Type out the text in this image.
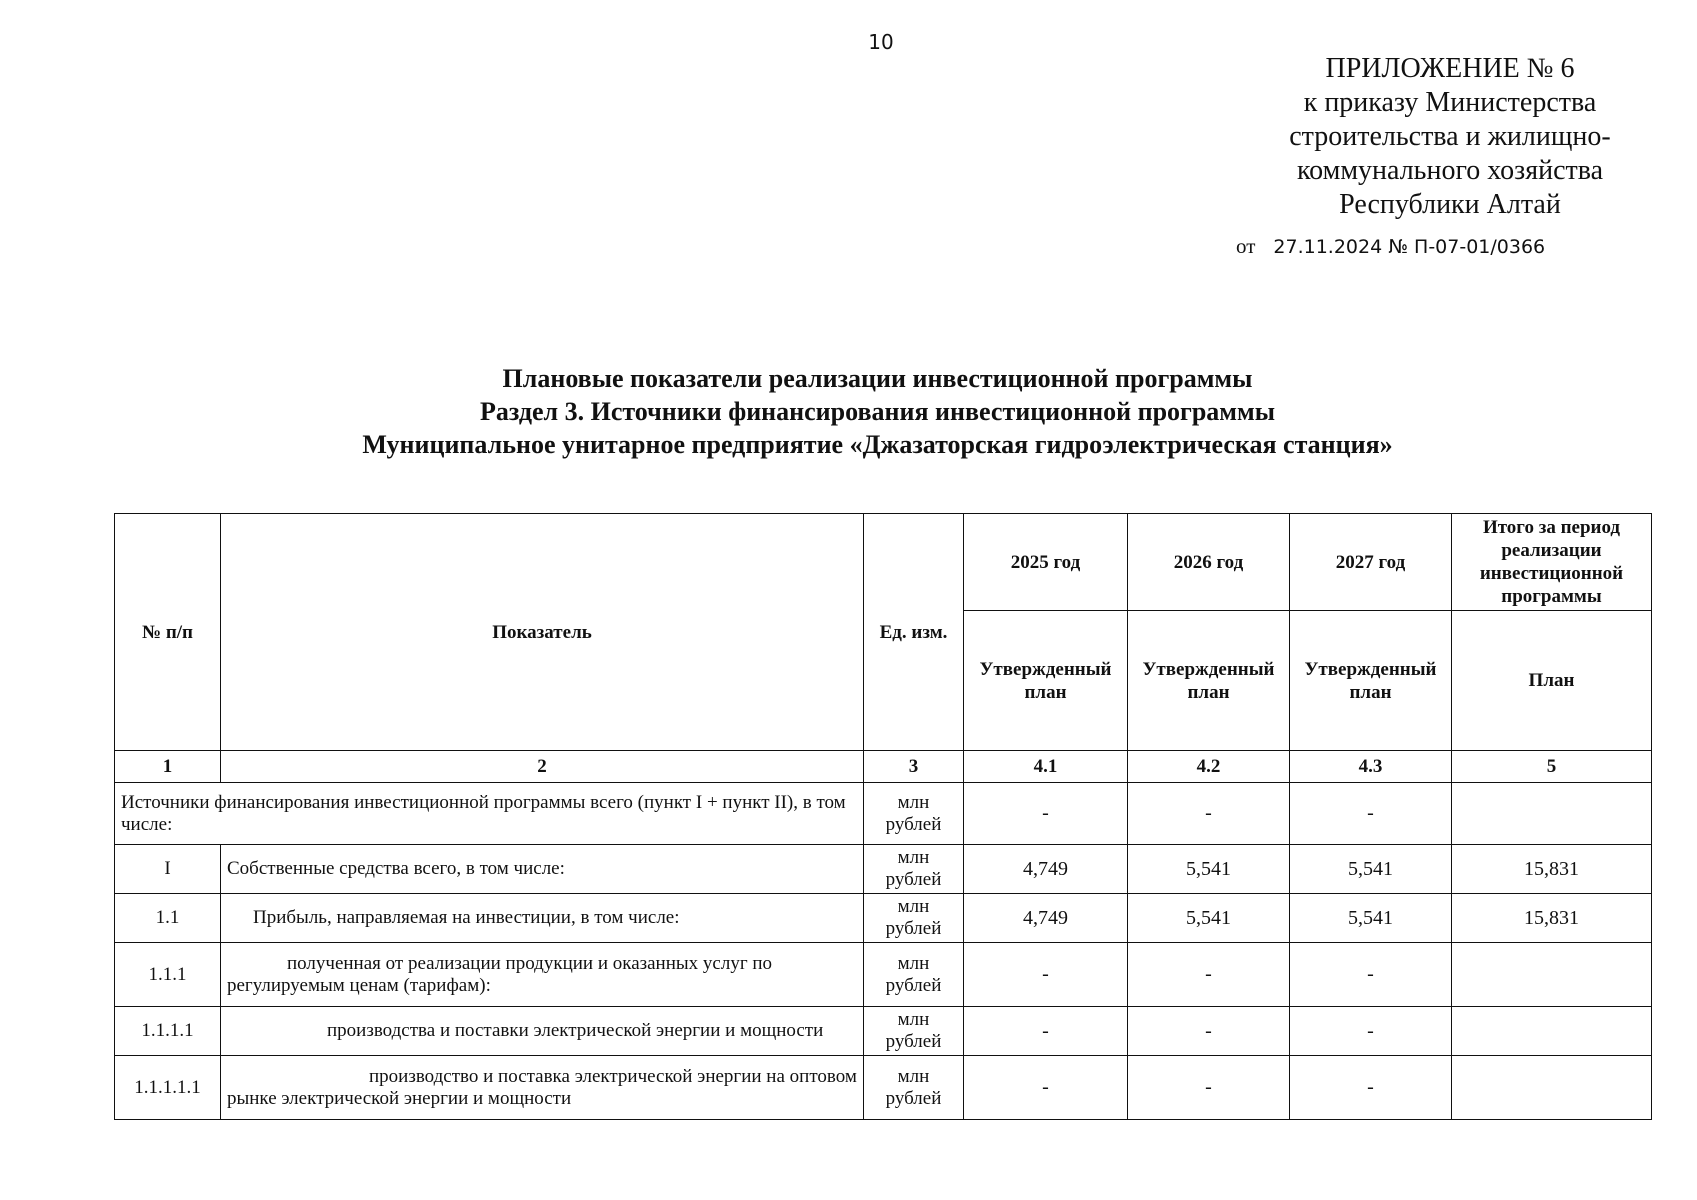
10
ПРИЛОЖЕНИЕ № 6
к приказу Министерства
строительства и жилищно-
коммунального хозяйства
Республики Алтай
от 27.11.2024 № П-07-01/0366
Плановые показатели реализации инвестиционной программы
Раздел 3. Источники финансирования инвестиционной программы
Муниципальное унитарное предприятие «Джазаторская гидроэлектрическая станция»
№ п/п	Показатель	Ед. изм.	2025 год	2026 год	2027 год	Итого за период реализации инвестиционной программы
			Утвержденный план	Утвержденный план	Утвержденный план	План
1	2	3	4.1	4.2	4.3	5
Источники финансирования инвестиционной программы всего (пункт I + пункт II), в том числе:		млн рублей	-	-	-	
I	Собственные средства всего, в том числе:	млн рублей	4,749	5,541	5,541	15,831
1.1	Прибыль, направляемая на инвестиции, в том числе:	млн рублей	4,749	5,541	5,541	15,831
1.1.1	полученная от реализации продукции и оказанных услуг по регулируемым ценам (тарифам):	млн рублей	-	-	-	
1.1.1.1	производства и поставки электрической энергии и мощности	млн рублей	-	-	-	
1.1.1.1.1	производство и поставка электрической энергии на оптовом рынке электрической энергии и мощности	млн рублей	-	-	-	
